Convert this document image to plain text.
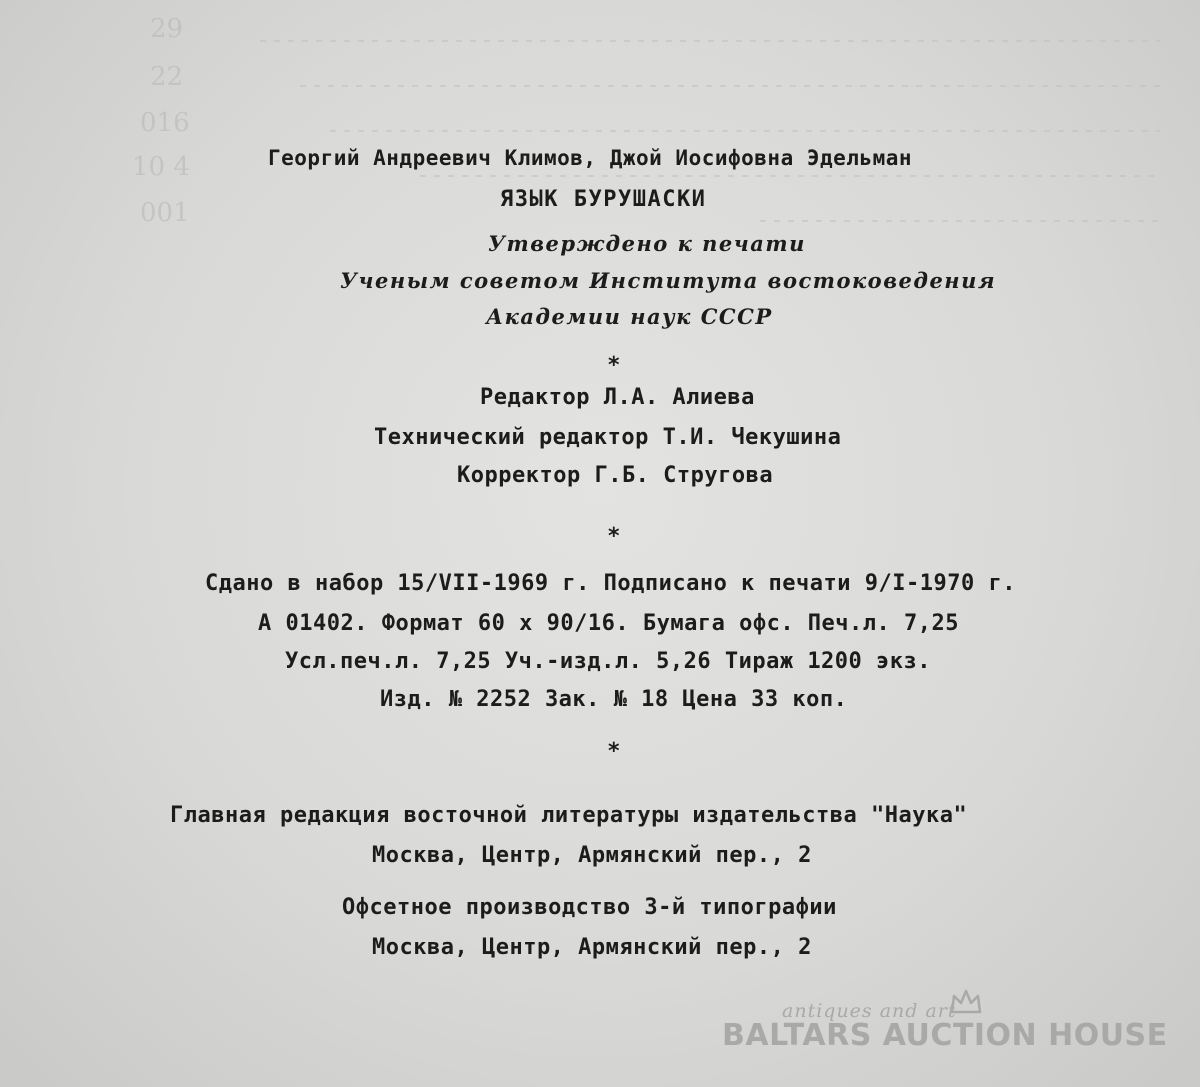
29
22
016
10 4
001
Георгий Андреевич Климов, Джой Иосифовна Эдельман
ЯЗЫК БУРУШАСКИ
Утверждено к печати
Ученым советом Института востоковедения
Академии наук СССР
*
Редактор Л.А. Алиева
Технический редактор Т.И. Чекушина
Корректор Г.Б. Стругова
*
Сдано в набор 15/VII-1969 г. Подписано к печати 9/I-1970 г.
А 01402. Формат 60 x 90/16. Бумага офс. Печ.л. 7,25
Усл.печ.л. 7,25 Уч.-изд.л. 5,26 Тираж 1200 экз.
Изд. № 2252 Зак. № 18 Цена 33 коп.
*
Главная редакция восточной литературы издательства "Наука"
Москва, Центр, Армянский пер., 2
Офсетное производство 3-й типографии
Москва, Центр, Армянский пер., 2
antiques and art
BALTARS AUCTION HOUSE
